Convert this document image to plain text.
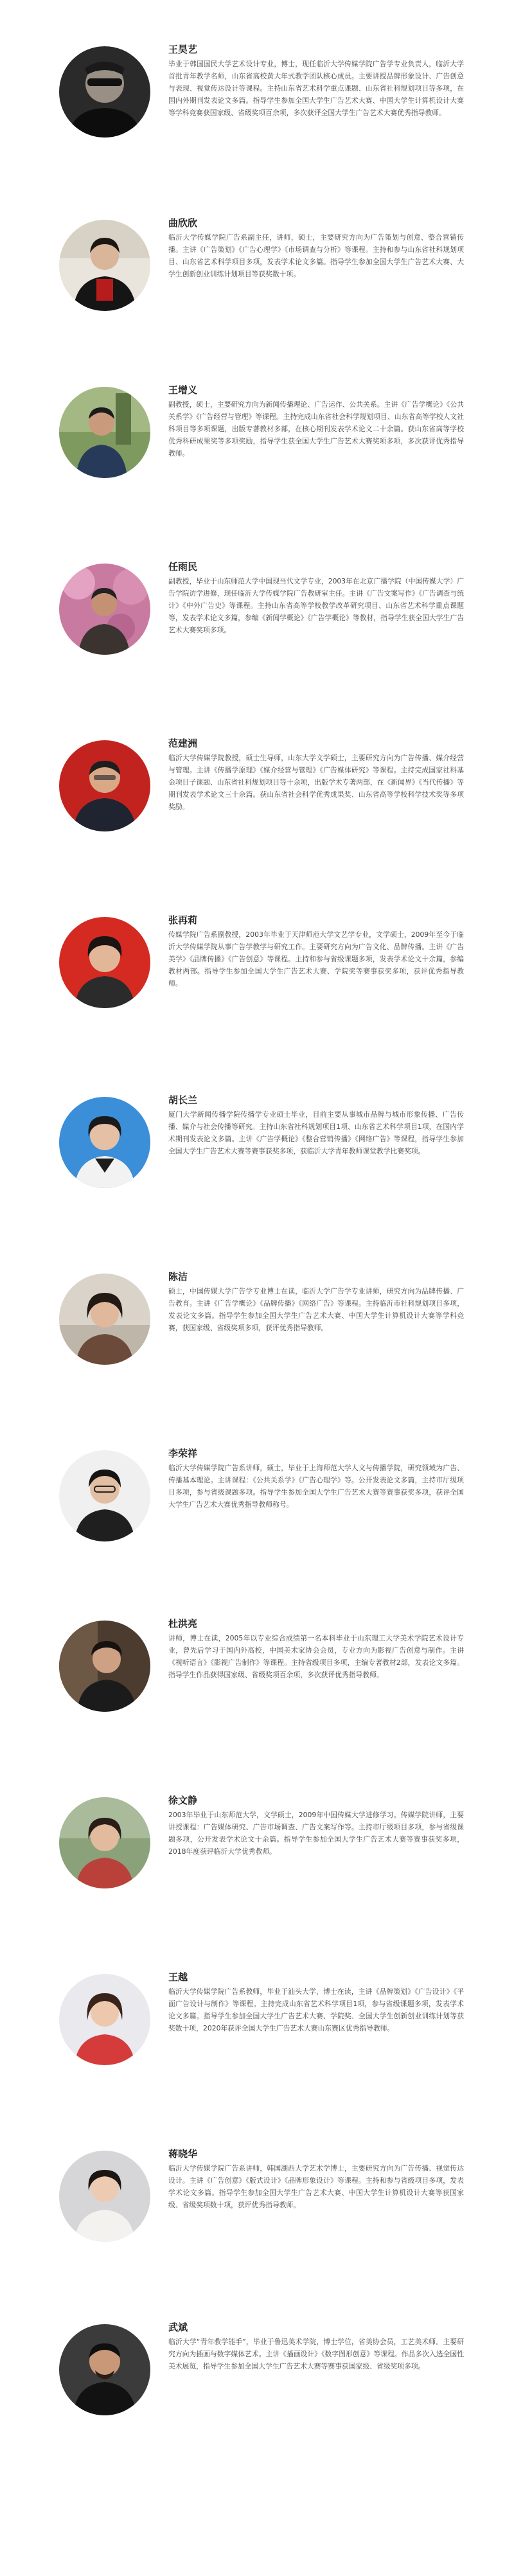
王昊艺

毕业于韩国国民大学艺术设计专业，博士，现任临沂大学传媒学院广告学专业负责人，临沂大学首批青年教学名师，山东省高校黄大年式教学团队核心成员。主要讲授品牌形象设计、广告创意与表现、视觉传达设计等课程。主持山东省艺术科学重点课题、山东省社科规划项目等多项，在国内外期刊发表论文多篇。指导学生参加全国大学生广告艺术大赛、中国大学生计算机设计大赛等学科竞赛获国家级、省级奖项百余项，多次获评全国大学生广告艺术大赛优秀指导教师。

曲欣欣

临沂大学传媒学院广告系副主任，讲师，硕士，主要研究方向为广告策划与创意、整合营销传播。主讲《广告策划》《广告心理学》《市场调查与分析》等课程。主持和参与山东省社科规划项目、山东省艺术科学项目多项，发表学术论文多篇。指导学生参加全国大学生广告艺术大赛、大学生创新创业训练计划项目等获奖数十项。

王增义

副教授，硕士，主要研究方向为新闻传播理论、广告运作、公共关系。主讲《广告学概论》《公共关系学》《广告经营与管理》等课程。主持完成山东省社会科学规划项目、山东省高等学校人文社科项目等多项课题，出版专著教材多部，在核心期刊发表学术论文二十余篇。获山东省高等学校优秀科研成果奖等多项奖励，指导学生获全国大学生广告艺术大赛奖项多项，多次获评优秀指导教师。

任雨民

副教授，毕业于山东师范大学中国现当代文学专业，2003年在北京广播学院（中国传媒大学）广告学院访学进修，现任临沂大学传媒学院广告教研室主任。主讲《广告文案写作》《广告调查与统计》《中外广告史》等课程。主持山东省高等学校教学改革研究项目、山东省艺术科学重点课题等，发表学术论文多篇，参编《新闻学概论》《广告学概论》等教材，指导学生获全国大学生广告艺术大赛奖项多项。

范建洲

临沂大学传媒学院教授，硕士生导师，山东大学文学硕士，主要研究方向为广告传播、媒介经营与管理。主讲《传播学原理》《媒介经营与管理》《广告媒体研究》等课程。主持完成国家社科基金项目子课题、山东省社科规划项目等十余项，出版学术专著两部，在《新闻界》《当代传播》等期刊发表学术论文三十余篇。获山东省社会科学优秀成果奖、山东省高等学校科学技术奖等多项奖励。

张再莉

传媒学院广告系副教授，2003年毕业于天津师范大学文艺学专业，文学硕士，2009年至今于临沂大学传媒学院从事广告学教学与研究工作。主要研究方向为广告文化、品牌传播。主讲《广告美学》《品牌传播》《广告创意》等课程。主持和参与省级课题多项，发表学术论文十余篇，参编教材两部。指导学生参加全国大学生广告艺术大赛、学院奖等赛事获奖多项，获评优秀指导教师。

胡长兰

厦门大学新闻传播学院传播学专业硕士毕业，目前主要从事城市品牌与城市形象传播、广告传播、媒介与社会传播等研究。主持山东省社科规划项目1项、山东省艺术科学项目1项，在国内学术期刊发表论文多篇。主讲《广告学概论》《整合营销传播》《网络广告》等课程，指导学生参加全国大学生广告艺术大赛等赛事获奖多项，获临沂大学青年教师课堂教学比赛奖项。

陈洁

硕士，中国传媒大学广告学专业博士在读，临沂大学广告学专业讲师，研究方向为品牌传播、广告教育。主讲《广告学概论》《品牌传播》《网络广告》等课程。主持临沂市社科规划项目多项，发表论文多篇。指导学生参加全国大学生广告艺术大赛、中国大学生计算机设计大赛等学科竞赛，获国家级、省级奖项多项，获评优秀指导教师。

李荣祥

临沂大学传媒学院广告系讲师，硕士，毕业于上海师范大学人文与传播学院，研究领域为广告、传播基本理论。主讲课程：《公共关系学》《广告心理学》等。公开发表论文多篇，主持市厅级项目多项，参与省级课题多项。指导学生参加全国大学生广告艺术大赛等赛事获奖多项，获评全国大学生广告艺术大赛优秀指导教师称号。

杜洪亮

讲师，博士在读，2005年以专业综合成绩第一名本科毕业于山东理工大学美术学院艺术设计专业，曾先后学习于国内外高校，中国美术家协会会员，专业方向为影视广告创意与制作。主讲《视听语言》《影视广告制作》等课程。主持省级项目多项，主编专著教材2部，发表论文多篇。指导学生作品获得国家级、省级奖项百余项，多次获评优秀指导教师。

徐文静

2003年毕业于山东师范大学，文学硕士，2009年中国传媒大学进修学习。传媒学院讲师，主要讲授课程：广告媒体研究、广告市场调查、广告文案写作等。主持市厅级项目多项，参与省级课题多项，公开发表学术论文十余篇。指导学生参加全国大学生广告艺术大赛等赛事获奖多项，2018年度获评临沂大学优秀教师。

王越

临沂大学传媒学院广告系教师，毕业于汕头大学，博士在读，主讲《品牌策划》《广告设计》《平面广告设计与制作》等课程。主持完成山东省艺术科学项目1项，参与省级课题多项，发表学术论文多篇。指导学生参加全国大学生广告艺术大赛、学院奖、全国大学生创新创业训练计划等获奖数十项，2020年获评全国大学生广告艺术大赛山东赛区优秀指导教师。

蒋晓华

临沂大学传媒学院广告系讲师，韩国湖西大学艺术学博士，主要研究方向为广告传播、视觉传达设计。主讲《广告创意》《版式设计》《品牌形象设计》等课程。主持和参与省级项目多项，发表学术论文多篇。指导学生参加全国大学生广告艺术大赛、中国大学生计算机设计大赛等获国家级、省级奖项数十项，获评优秀指导教师。

武斌

临沂大学“青年教学能手”，毕业于鲁迅美术学院，博士学位，省美协会员，工艺美术师。主要研究方向为插画与数字媒体艺术。主讲《插画设计》《数字图形创意》等课程。作品多次入选全国性美术展览，指导学生参加全国大学生广告艺术大赛等赛事获国家级、省级奖项多项。
